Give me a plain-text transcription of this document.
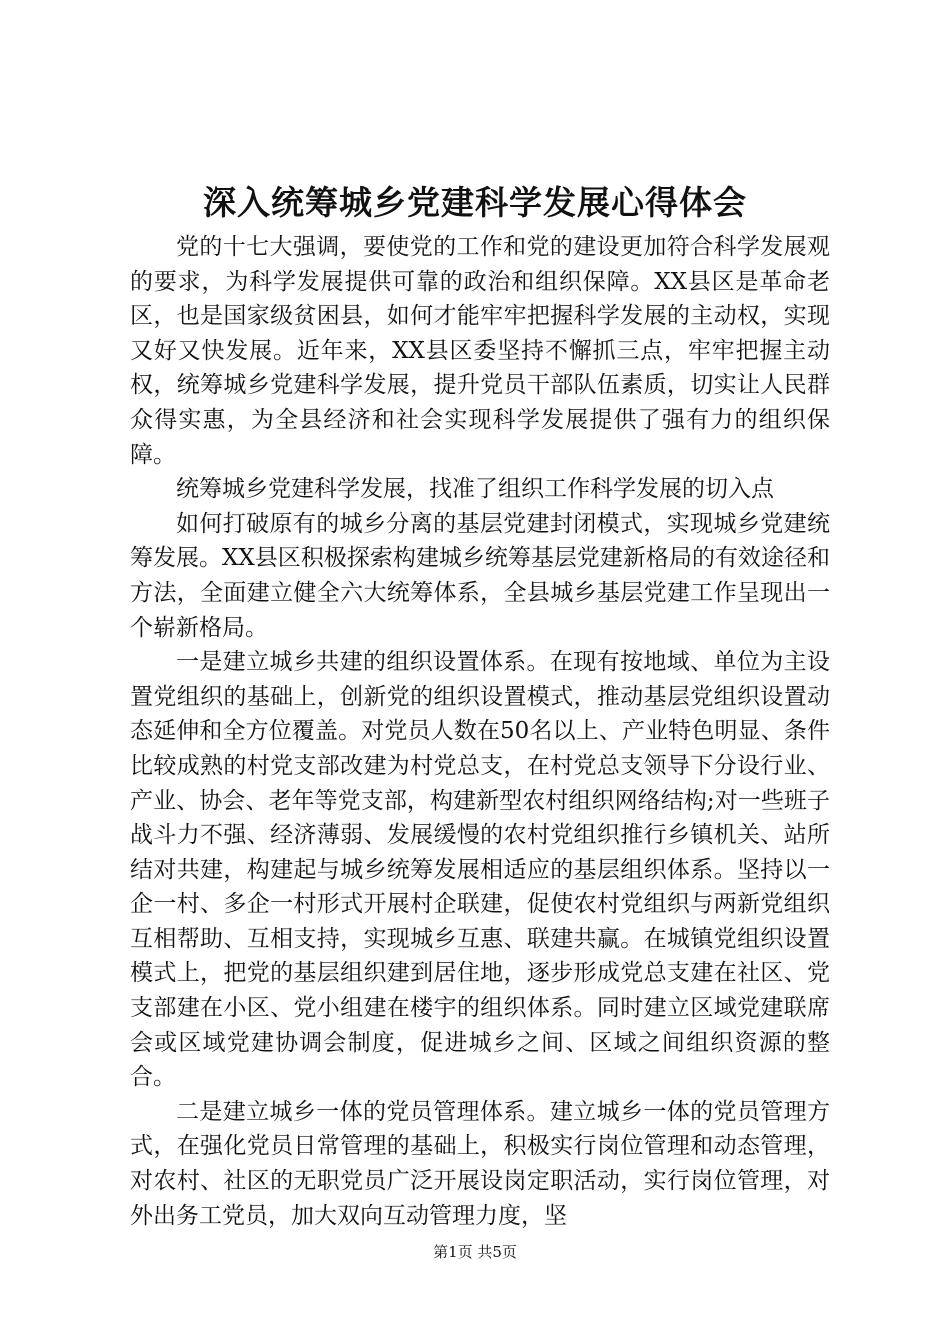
深入统筹城乡党建科学发展心得体会

党的十七大强调，要使党的工作和党的建设更加符合科学发展观的要求，为科学发展提供可靠的政治和组织保障。XX县区是革命老区，也是国家级贫困县，如何才能牢牢把握科学发展的主动权，实现又好又快发展。近年来，XX县区委坚持不懈抓三点，牢牢把握主动权，统筹城乡党建科学发展，提升党员干部队伍素质，切实让人民群众得实惠，为全县经济和社会实现科学发展提供了强有力的组织保障。

统筹城乡党建科学发展，找准了组织工作科学发展的切入点

如何打破原有的城乡分离的基层党建封闭模式，实现城乡党建统筹发展。XX县区积极探索构建城乡统筹基层党建新格局的有效途径和方法，全面建立健全六大统筹体系，全县城乡基层党建工作呈现出一个崭新格局。

一是建立城乡共建的组织设置体系。在现有按地域、单位为主设置党组织的基础上，创新党的组织设置模式，推动基层党组织设置动态延伸和全方位覆盖。对党员人数在50名以上、产业特色明显、条件比较成熟的村党支部改建为村党总支，在村党总支领导下分设行业、产业、协会、老年等党支部，构建新型农村组织网络结构;对一些班子战斗力不强、经济薄弱、发展缓慢的农村党组织推行乡镇机关、站所结对共建，构建起与城乡统筹发展相适应的基层组织体系。坚持以一企一村、多企一村形式开展村企联建，促使农村党组织与两新党组织互相帮助、互相支持，实现城乡互惠、联建共赢。在城镇党组织设置模式上，把党的基层组织建到居住地，逐步形成党总支建在社区、党支部建在小区、党小组建在楼宇的组织体系。同时建立区域党建联席会或区域党建协调会制度，促进城乡之间、区域之间组织资源的整合。

二是建立城乡一体的党员管理体系。建立城乡一体的党员管理方式，在强化党员日常管理的基础上，积极实行岗位管理和动态管理，对农村、社区的无职党员广泛开展设岗定职活动，实行岗位管理，对外出务工党员，加大双向互动管理力度，坚

第1页 共5页
